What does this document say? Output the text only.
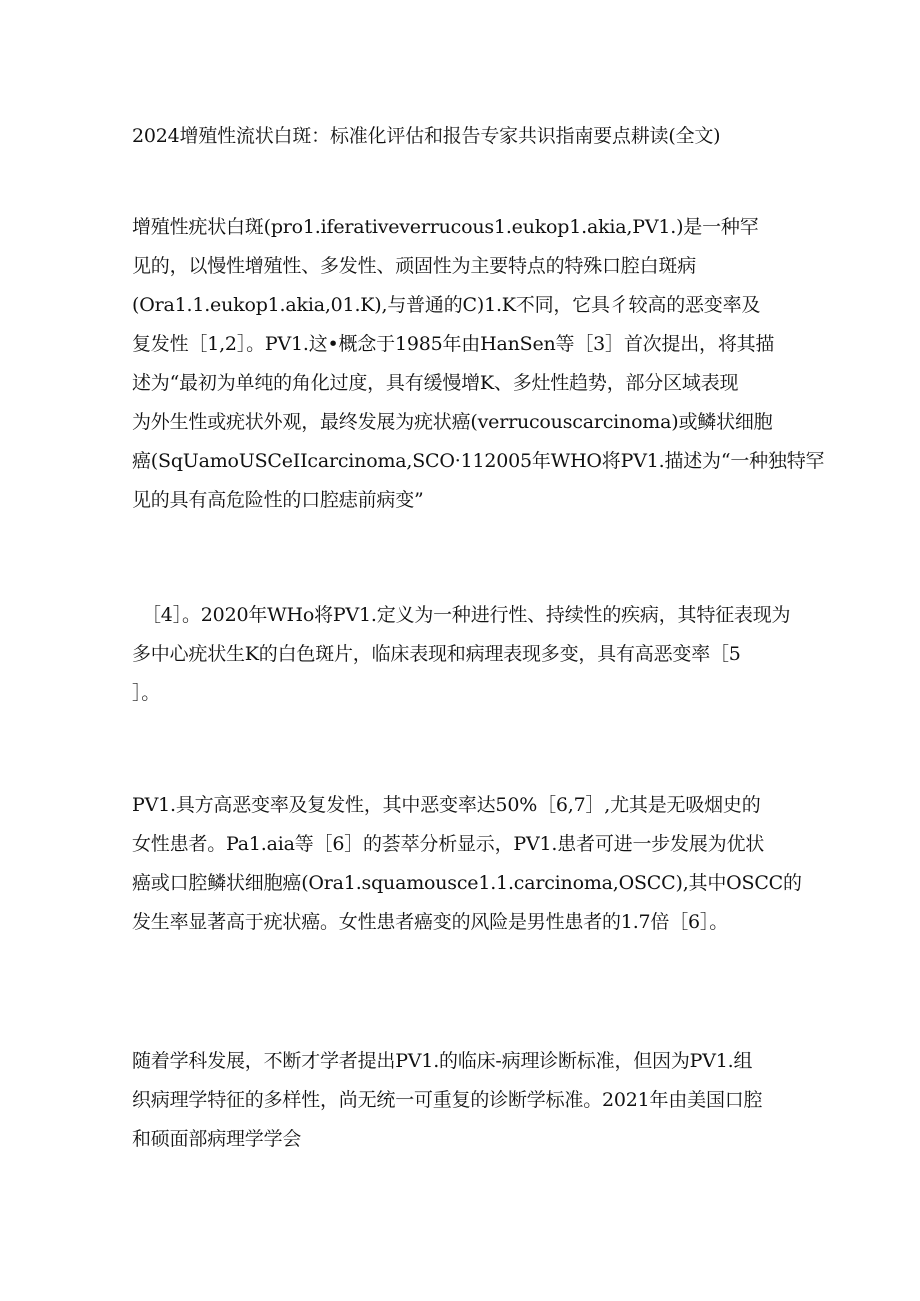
2024增殖性流状白斑：标准化评估和报告专家共识指南要点耕读(全文)
增殖性疣状白斑(pro1.iferativeverrucous1.eukop1.akia,PV1.)是一种罕
见的，以慢性增殖性、多发性、顽固性为主要特点的特殊口腔白斑病
(Ora1.1.eukop1.akia,01.K),与普通的C)1.K不同，它具彳较高的恶变率及
复发性［1,2］。PV1.这•概念于1985年由HanSen等［3］首次提出，将其描
述为“最初为单纯的角化过度，具有缓慢增K、多灶性趋势，部分区域表现
为外生性或疣状外观，最终发展为疣状癌(verrucouscarcinoma)或鳞状细胞
癌(SqUamoUSCeIIcarcinoma,SCO·112005年WHO将PV1.描述为“一种独特罕
见的具有高危险性的口腔痣前病变”
［4］。2020年WHo将PV1.定义为一种进行性、持续性的疾病，其特征表现为
多中心疣状生K的白色斑片，临床表现和病理表现多变，具有高恶变率［5
］。
PV1.具方高恶变率及复发性，其中恶变率达50%［6,7］,尤其是无吸烟史的
女性患者。Pa1.aia等［6］的荟萃分析显示，PV1.患者可进一步发展为优状
癌或口腔鳞状细胞癌(Ora1.squamousce1.1.carcinoma,OSCC),其中OSCC的
发生率显著高于疣状癌。女性患者癌变的风险是男性患者的1.7倍［6］。
随着学科发展，不断才学者提出PV1.的临床-病理诊断标准，但因为PV1.组
织病理学特征的多样性，尚无统一可重复的诊断学标准。2021年由美国口腔
和硕面部病理学学会
